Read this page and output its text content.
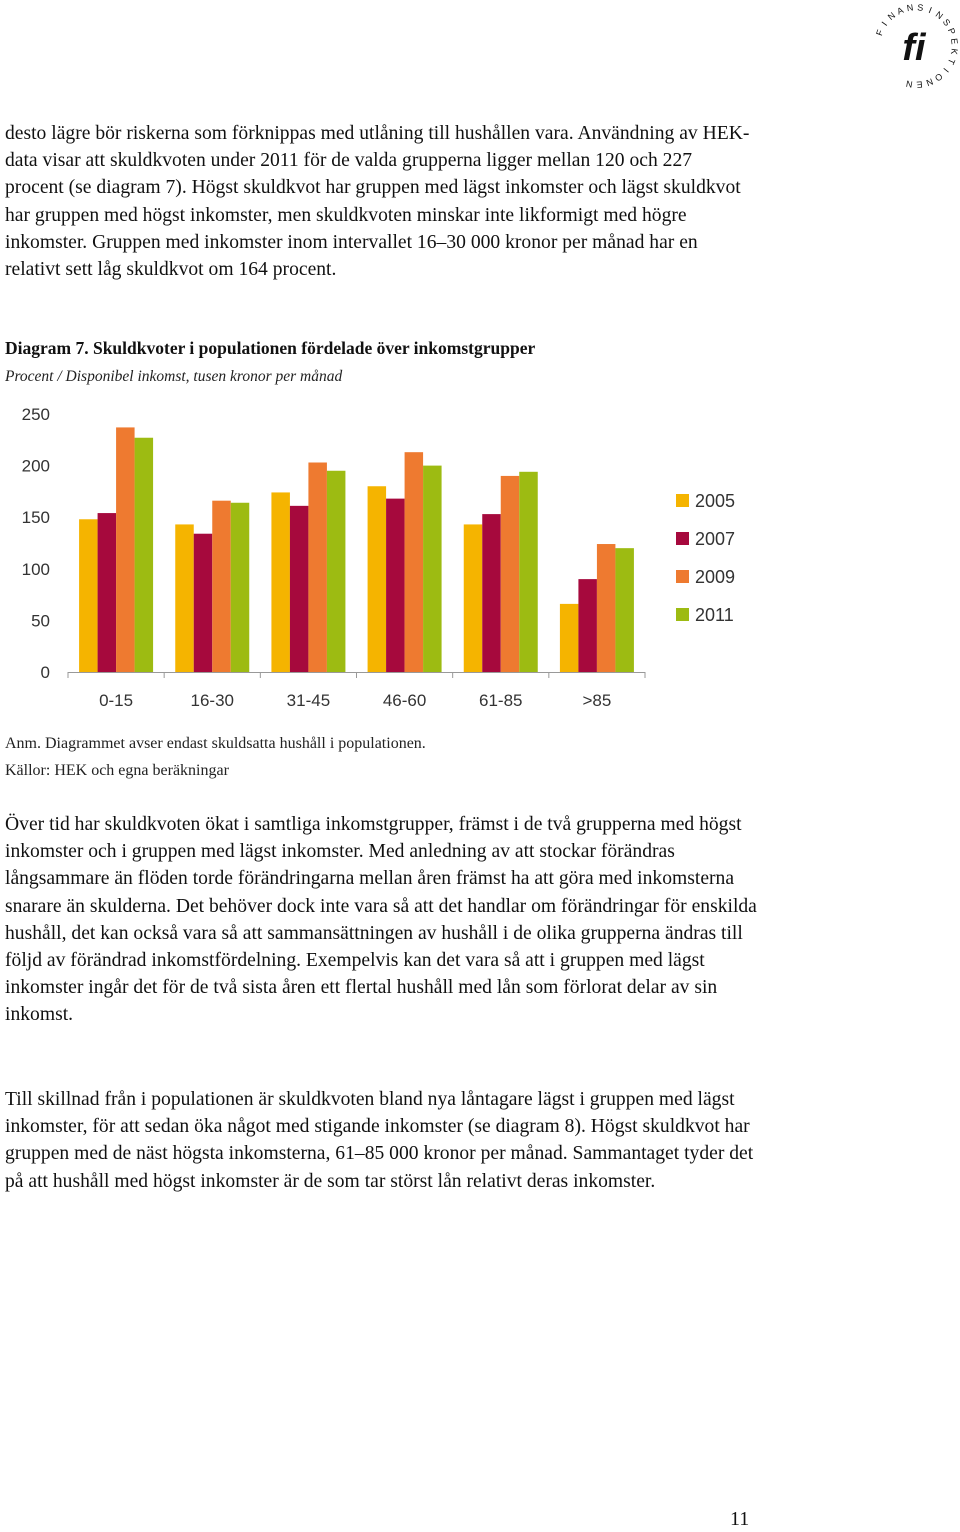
F
I
N
A N S I N
S
P
E
K
T
I
O
N
E
N
fi

desto lägre bör riskerna som förknippas med utlåning till hushållen vara. Användning av HEK-data visar att skuldkvoten under 2011 för de valda grupperna ligger mellan 120 och 227 procent (se diagram 7). Högst skuldkvot har gruppen med lägst inkomster och lägst skuldkvot har gruppen med högst inkomster, men skuldkvoten minskar inte likformigt med högre inkomster. Gruppen med inkomster inom intervallet 16–30 000 kronor per månad har en relativt sett låg skuldkvot om 164 procent.

Diagram 7. Skuldkvoter i populationen fördelade över inkomstgrupper
Procent / Disponibel inkomst, tusen kronor per månad
0
50
100
150
200
250
0-15	16-30	31-45	46-60	61-85	>85
2005
2007
2009
2011
Anm. Diagrammet avser endast skuldsatta hushåll i populationen.
Källor: HEK och egna beräkningar

Över tid har skuldkvoten ökat i samtliga inkomstgrupper, främst i de två grupperna med högst inkomster och i gruppen med lägst inkomster. Med anledning av att stockar förändras långsammare än flöden torde förändringarna mellan åren främst ha att göra med inkomsterna snarare än skulderna. Det behöver dock inte vara så att det handlar om förändringar för enskilda hushåll, det kan också vara så att sammansättningen av hushåll i de olika grupperna ändras till följd av förändrad inkomstfördelning. Exempelvis kan det vara så att i gruppen med lägst inkomster ingår det för de två sista åren ett flertal hushåll med lån som förlorat delar av sin inkomst.

Till skillnad från i populationen är skuldkvoten bland nya låntagare lägst i gruppen med lägst inkomster, för att sedan öka något med stigande inkomster (se diagram 8). Högst skuldkvot har gruppen med de näst högsta inkomsterna, 61–85 000 kronor per månad. Sammantaget tyder det på att hushåll med högst inkomster är de som tar störst lån relativt deras inkomster.

11
